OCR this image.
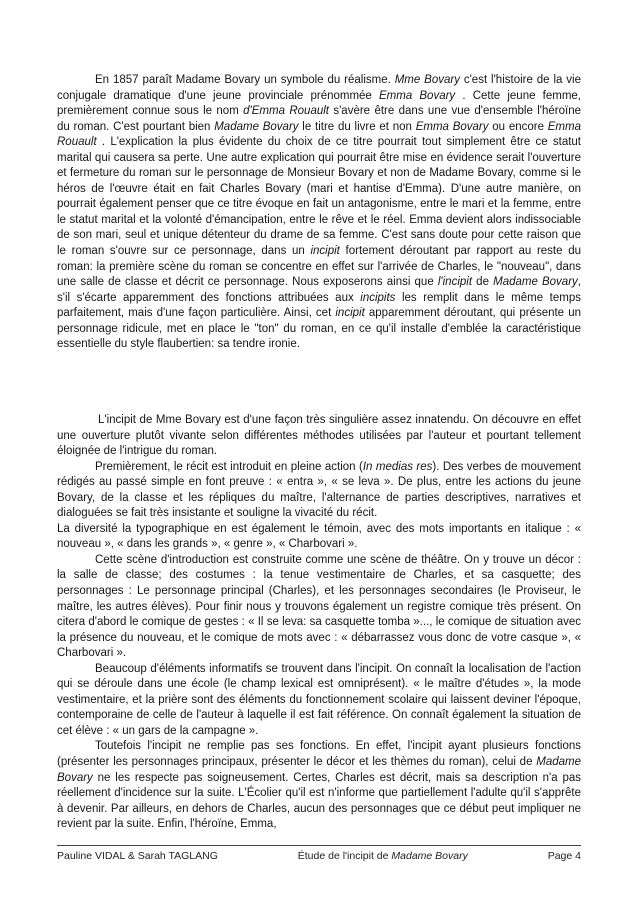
En 1857 paraît Madame Bovary un symbole du réalisme. Mme Bovary c'est l'histoire de la vie conjugale dramatique d'une jeune provinciale prénommée Emma Bovary . Cette jeune femme, premièrement connue sous le nom d'Emma Rouault s'avère être dans une vue d'ensemble l'héroïne du roman. C'est pourtant bien Madame Bovary le titre du livre et non Emma Bovary ou encore Emma Rouault . L'explication la plus évidente du choix de ce titre pourrait tout simplement être ce statut marital qui causera sa perte. Une autre explication qui pourrait être mise en évidence serait l'ouverture et fermeture du roman sur le personnage de Monsieur Bovary et non de Madame Bovary, comme si le héros de l'œuvre était en fait Charles Bovary (mari et hantise d'Emma). D'une autre manière, on pourrait également penser que ce titre évoque en fait un antagonisme, entre le mari et la femme, entre le statut marital et la volonté d'émancipation, entre le rêve et le réel. Emma devient alors indissociable de son mari, seul et unique détenteur du drame de sa femme. C'est sans doute pour cette raison que le roman s'ouvre sur ce personnage, dans un incipit fortement déroutant par rapport au reste du roman: la première scène du roman se concentre en effet sur l'arrivée de Charles, le "nouveau", dans une salle de classe et décrit ce personnage. Nous exposerons ainsi que l'incipit de Madame Bovary, s'il s'écarte apparemment des fonctions attribuées aux incipits les remplit dans le même temps parfaitement, mais d'une façon particulière. Ainsi, cet incipit apparemment déroutant, qui présente un personnage ridicule, met en place le "ton" du roman, en ce qu'il installe d'emblée la caractéristique essentielle du style flaubertien: sa tendre ironie.

L'incipit de Mme Bovary est d'une façon très singulière assez innatendu. On découvre en effet une ouverture plutôt vivante selon différentes méthodes utilisées par l'auteur et pourtant tellement éloignée de l'intrigue du roman.

Premièrement, le récit est introduit en pleine action (In medias res). Des verbes de mouvement rédigés au passé simple en font preuve : « entra », « se leva ». De plus, entre les actions du jeune Bovary, de la classe et les répliques du maître, l'alternance de parties descriptives, narratives et dialoguées se fait très insistante et souligne la vivacité du récit.

La diversité la typographique en est également le témoin, avec des mots importants en italique : « nouveau », « dans les grands », « genre », « Charbovari ».

Cette scène d'introduction est construite comme une scène de théâtre. On y trouve un décor : la salle de classe; des costumes : la tenue vestimentaire de Charles, et sa casquette; des personnages : Le personnage principal (Charles), et les personnages secondaires (le Proviseur, le maître, les autres élèves). Pour finir nous y trouvons également un registre comique très présent. On citera d'abord le comique de gestes : « Il se leva: sa casquette tomba »..., le comique de situation avec la présence du nouveau, et le comique de mots avec : « débarrassez vous donc de votre casque », « Charbovari ».

Beaucoup d'éléments informatifs se trouvent dans l'incipit. On connaît la localisation de l'action qui se déroule dans une école (le champ lexical est omniprésent). « le maître d'études », la mode vestimentaire, et la prière sont des éléments du fonctionnement scolaire qui laissent deviner l'époque, contemporaine de celle de l'auteur à laquelle il est fait référence. On connaît également la situation de cet élève : « un gars de la campagne ».

Toutefois l'incipit ne remplie pas ses fonctions. En effet, l'incipit ayant plusieurs fonctions (présenter les personnages principaux, présenter le décor et les thèmes du roman), celui de Madame Bovary ne les respecte pas soigneusement. Certes, Charles est décrit, mais sa description n'a pas réellement d'incidence sur la suite. L'Écolier qu'il est n'informe que partiellement l'adulte qu'il s'apprête à devenir. Par ailleurs, en dehors de Charles, aucun des personnages que ce début peut impliquer ne revient par la suite. Enfin, l'héroïne, Emma,

Pauline VIDAL & Sarah TAGLANG	Étude de l'incipit de Madame Bovary	Page 4
